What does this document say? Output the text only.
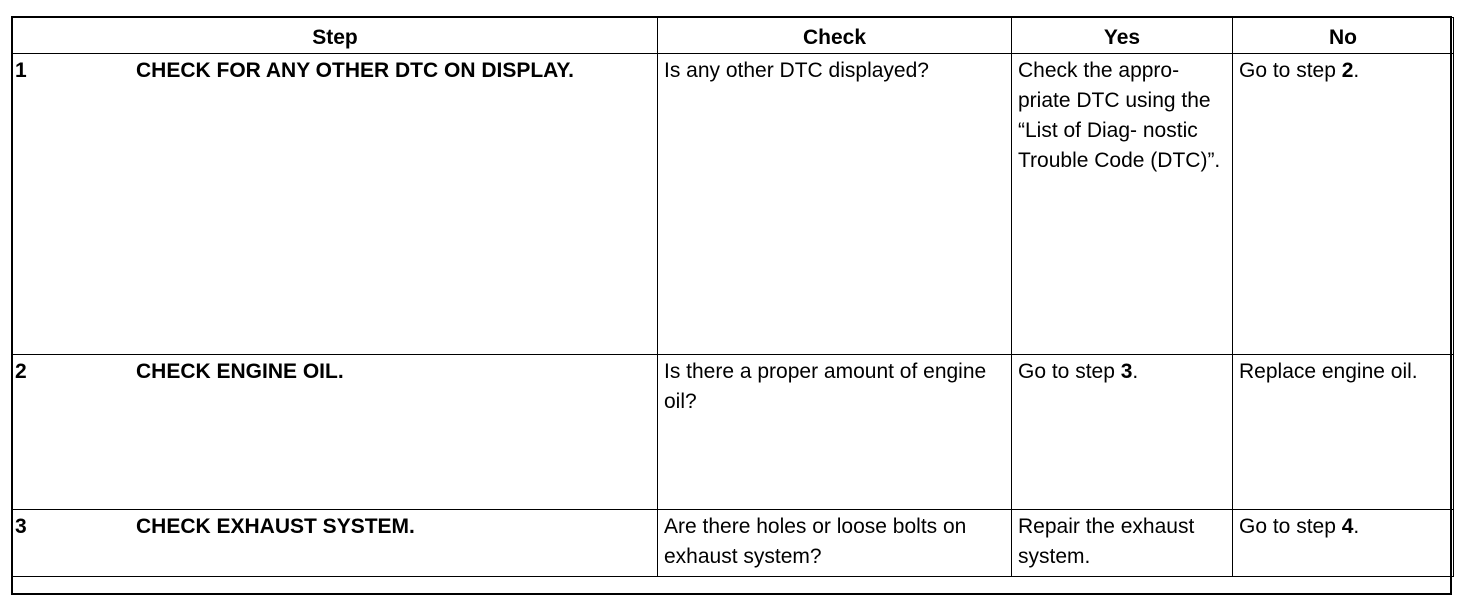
Step	Check	Yes	No

1 CHECK FOR ANY OTHER DTC ON DISPLAY.	Is any other DTC displayed?	Check the appro- priate DTC using the “List of Diag- nostic Trouble Code (DTC)”.	Go to step 2.

2 CHECK ENGINE OIL.	Is there a proper amount of engine oil?	Go to step 3.	Replace engine oil.

3 CHECK EXHAUST SYSTEM.	Are there holes or loose bolts on exhaust system?	Repair the exhaust system.	Go to step 4.
